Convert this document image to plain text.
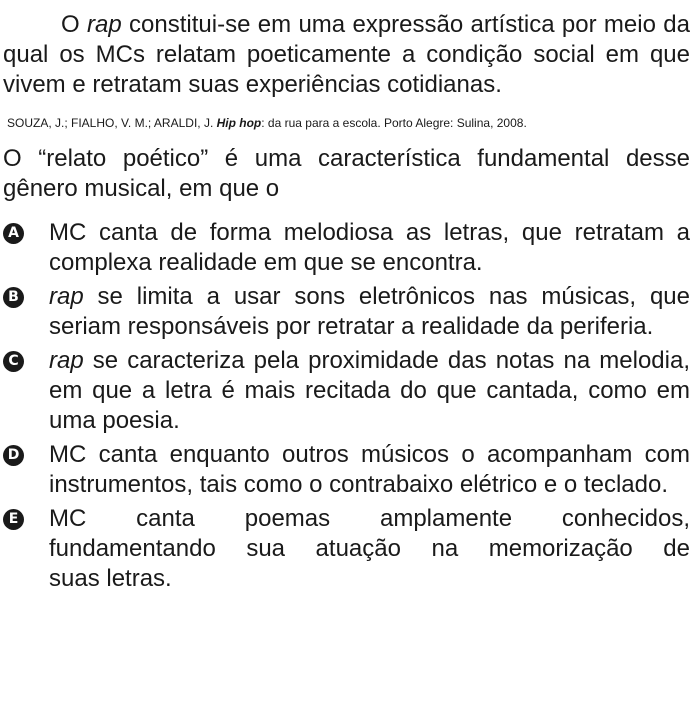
O rap constitui-se em uma expressão artística por meio da qual os MCs relatam poeticamente a condição social em que vivem e retratam suas experiências cotidianas.

SOUZA, J.; FIALHO, V. M.; ARALDI, J. Hip hop: da rua para a escola. Porto Alegre: Sulina, 2008.

O “relato poético” é uma característica fundamental desse gênero musical, em que o

A MC canta de forma melodiosa as letras, que retratam a complexa realidade em que se encontra.
B rap se limita a usar sons eletrônicos nas músicas, que seriam responsáveis por retratar a realidade da periferia.
C rap se caracteriza pela proximidade das notas na melodia, em que a letra é mais recitada do que cantada, como em uma poesia.
D MC canta enquanto outros músicos o acompanham com instrumentos, tais como o contrabaixo elétrico e o teclado.
E MC canta poemas amplamente conhecidos,
fundamentando sua atuação na memorização de
suas letras.
